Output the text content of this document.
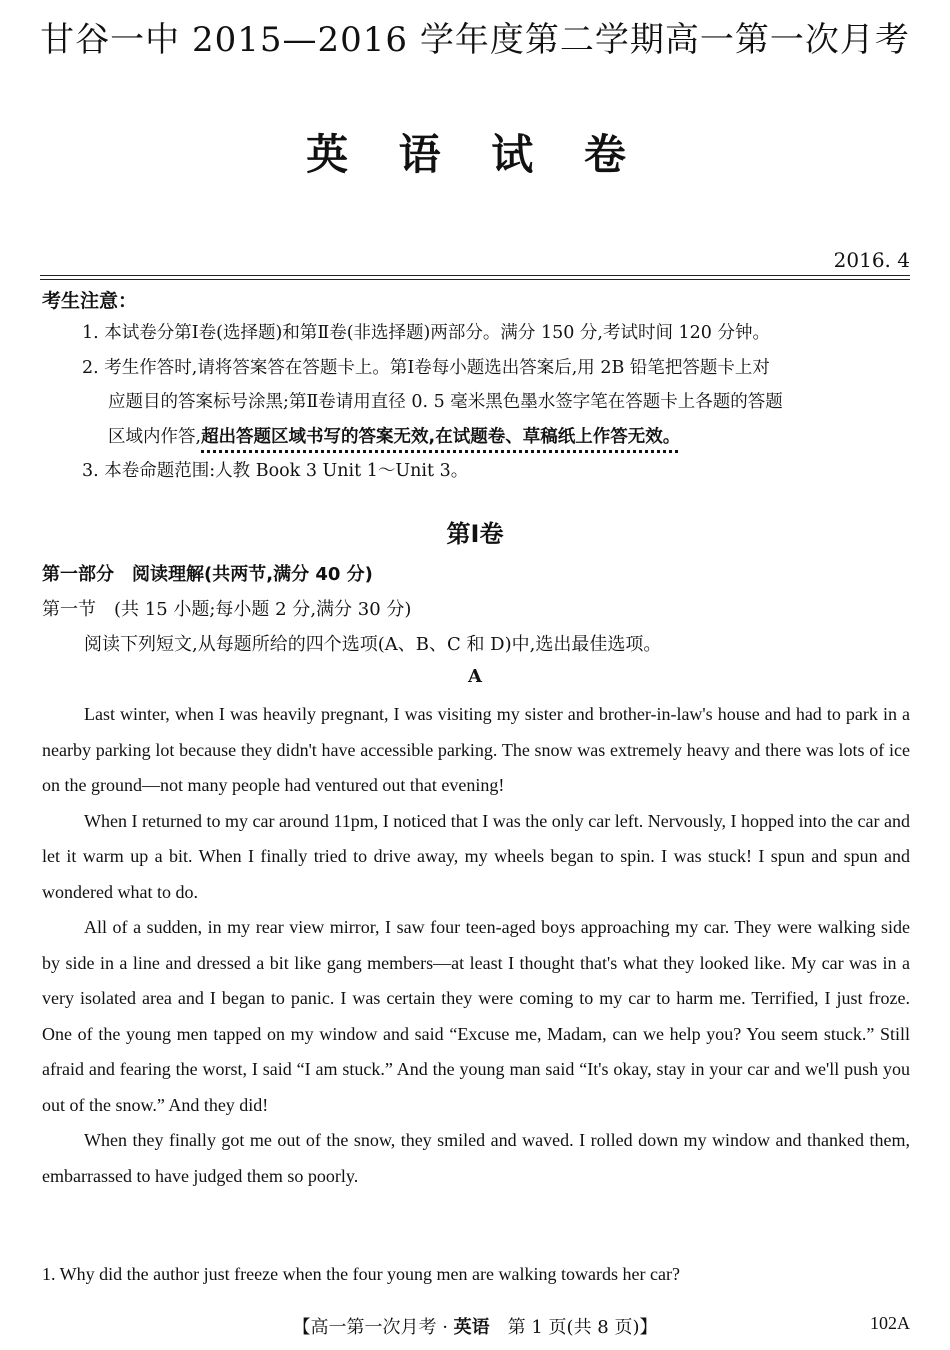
甘谷一中 2015—2016 学年度第二学期高一第一次月考
英 语 试 卷
2016. 4
考生注意：
1. 本试卷分第Ⅰ卷(选择题)和第Ⅱ卷(非选择题)两部分。满分 150 分,考试时间 120 分钟。
2. 考生作答时,请将答案答在答题卡上。第Ⅰ卷每小题选出答案后,用 2B 铅笔把答题卡上对
应题目的答案标号涂黑;第Ⅱ卷请用直径 0. 5 毫米黑色墨水签字笔在答题卡上各题的答题
区域内作答,超出答题区域书写的答案无效,在试题卷、草稿纸上作答无效。
3. 本卷命题范围:人教 Book 3 Unit 1～Unit 3。
第Ⅰ卷
第一部分　阅读理解(共两节,满分 40 分)
第一节　(共 15 小题;每小题 2 分,满分 30 分)
阅读下列短文,从每题所给的四个选项(A、B、C 和 D)中,选出最佳选项。
A

Last winter, when I was heavily pregnant, I was visiting my sister and brother-in-law's house and had to park in a nearby parking lot because they didn't have accessible parking. The snow was extremely heavy and there was lots of ice on the ground—not many people had ventured out that evening!

When I returned to my car around 11pm, I noticed that I was the only car left. Nervously, I hopped into the car and let it warm up a bit. When I finally tried to drive away, my wheels began to spin. I was stuck! I spun and spun and wondered what to do.

All of a sudden, in my rear view mirror, I saw four teen-aged boys approaching my car. They were walking side by side in a line and dressed a bit like gang members—at least I thought that's what they looked like. My car was in a very isolated area and I began to panic. I was certain they were coming to my car to harm me. Terrified, I just froze. One of the young men tapped on my window and said “Excuse me, Madam, can we help you? You seem stuck.” Still afraid and fearing the worst, I said “I am stuck.” And the young man said “It's okay, stay in your car and we'll push you out of the snow.” And they did!

When they finally got me out of the snow, they smiled and waved. I rolled down my window and thanked them, embarrassed to have judged them so poorly.

1. Why did the author just freeze when the four young men are walking towards her car?
【高一第一次月考 · 英语　第 1 页(共 8 页)】	102A
